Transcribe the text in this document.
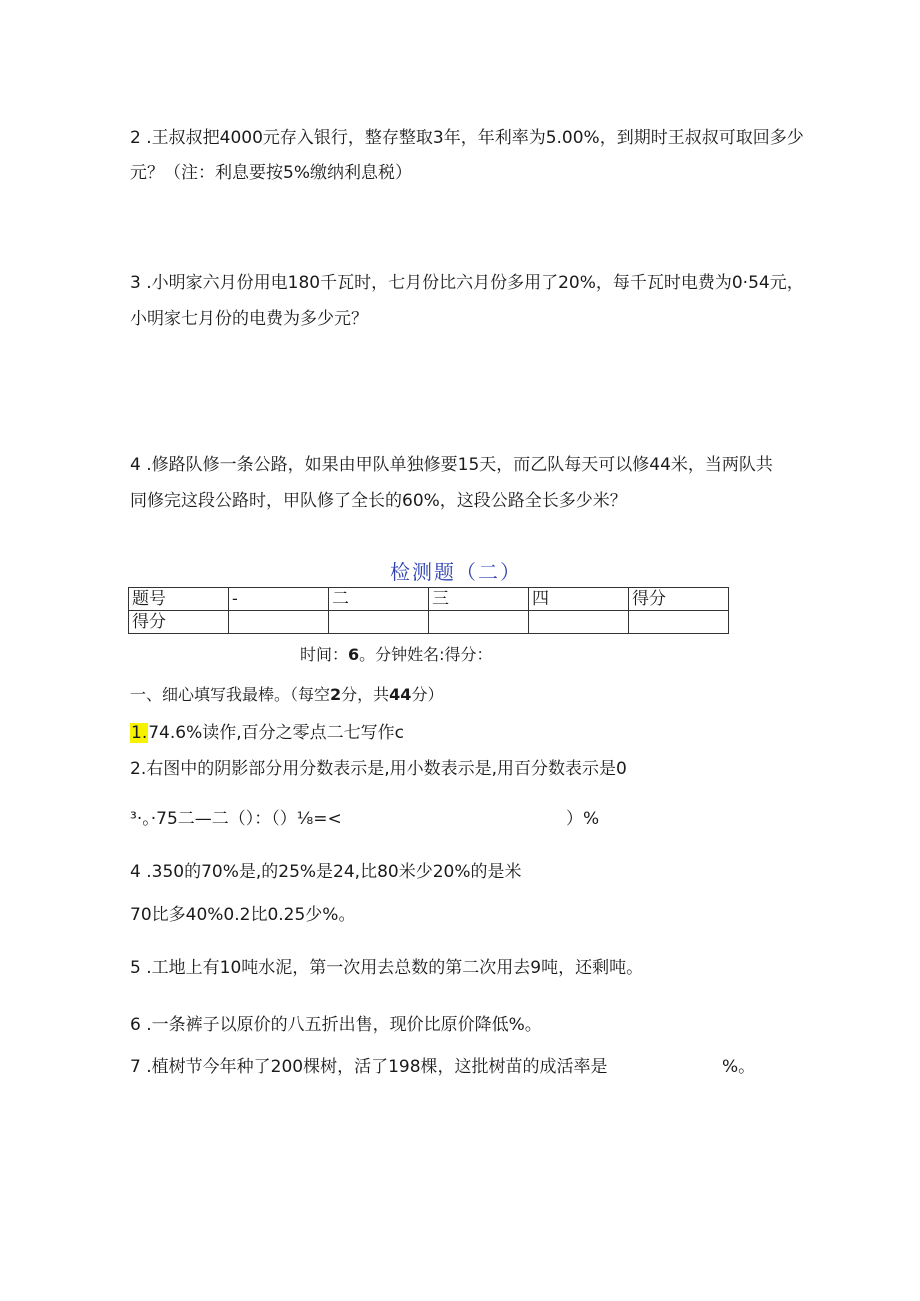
2 .王叔叔把4000元存入银行，整存整取3年，年利率为5.00%，到期时王叔叔可取回多少
元？（注：利息要按5%缴纳利息税）
3 .小明家六月份用电180千瓦时，七月份比六月份多用了20%，每千瓦时电费为0·54元，
小明家七月份的电费为多少元？
4 .修路队修一条公路，如果由甲队单独修要15天，而乙队每天可以修44米，当两队共
同修完这段公路时，甲队修了全长的60%，这段公路全长多少米？
检测题（二）
题号	-	二	三	四	得分
得分					
时间：6。分钟姓名:得分：
一、细心填写我最棒。（每空2分，共44分）
1.74.6%读作,百分之零点二七写作c
2.右图中的阴影部分用分数表示是,用小数表示是,用百分数表示是0
³·。·75二—二（）：（）⅛=<	）%
4 .350的70%是,的25%是24,比80米少20%的是米
70比多40%0.2比0.25少%。
5 .工地上有10吨水泥，第一次用去总数的第二次用去9吨，还剩吨。
6 .一条裤子以原价的八五折出售，现价比原价降低%。
7 .植树节今年种了200棵树，活了198棵，这批树苗的成活率是	%。
